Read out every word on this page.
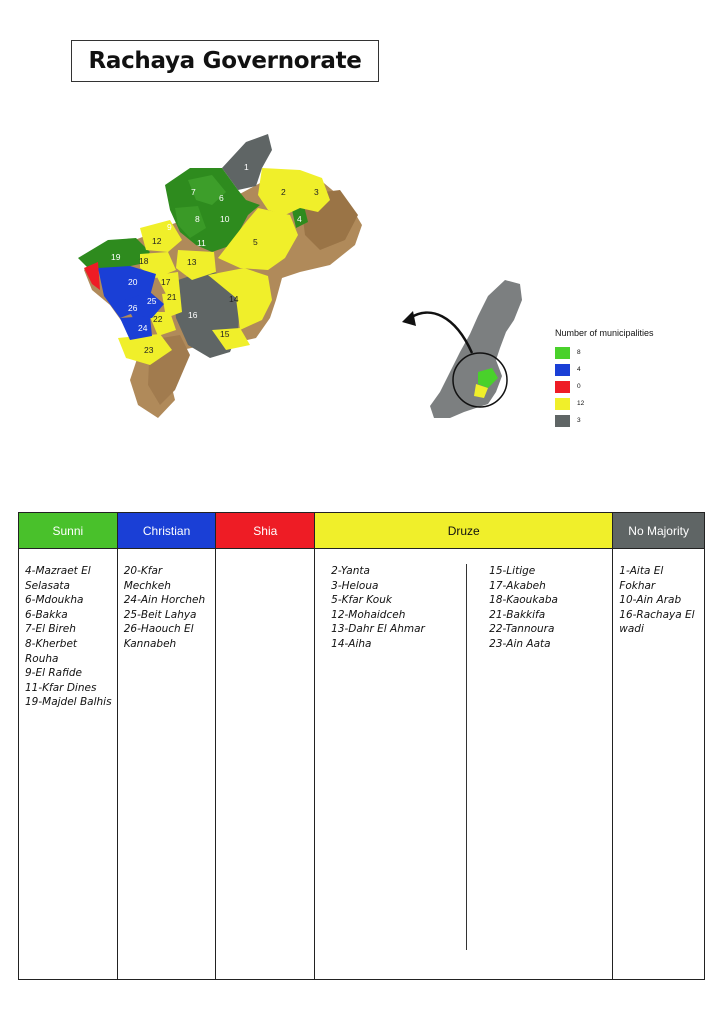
Rachaya Governorate
1
2	3
4
5
6
7
8
9
10
11
12
13
14
15
16
17
18
19
20
21
22
23
24
25
26
Number of municipalities
8
4
0
12
3
Sunni
4-Mazraet El Selasata
6-Mdoukha
6-Bakka
7-El Bireh
8-Kherbet Rouha
9-El Rafide
11-Kfar Dines
19-Majdel Balhis
Christian
20-Kfar Mechkeh
24-Ain Horcheh
25-Beit Lahya
26-Haouch El Kannabeh
Shia	Druze
2-Yanta
3-Heloua
5-Kfar Kouk
12-Mohaidceh
13-Dahr El Ahmar
14-Aiha
15-Litige
17-Akabeh
18-Kaoukaba
21-Bakkifa
22-Tannoura
23-Ain Aata
No Majority
1-Aita El Fokhar
10-Ain Arab
16-Rachaya El wadi
